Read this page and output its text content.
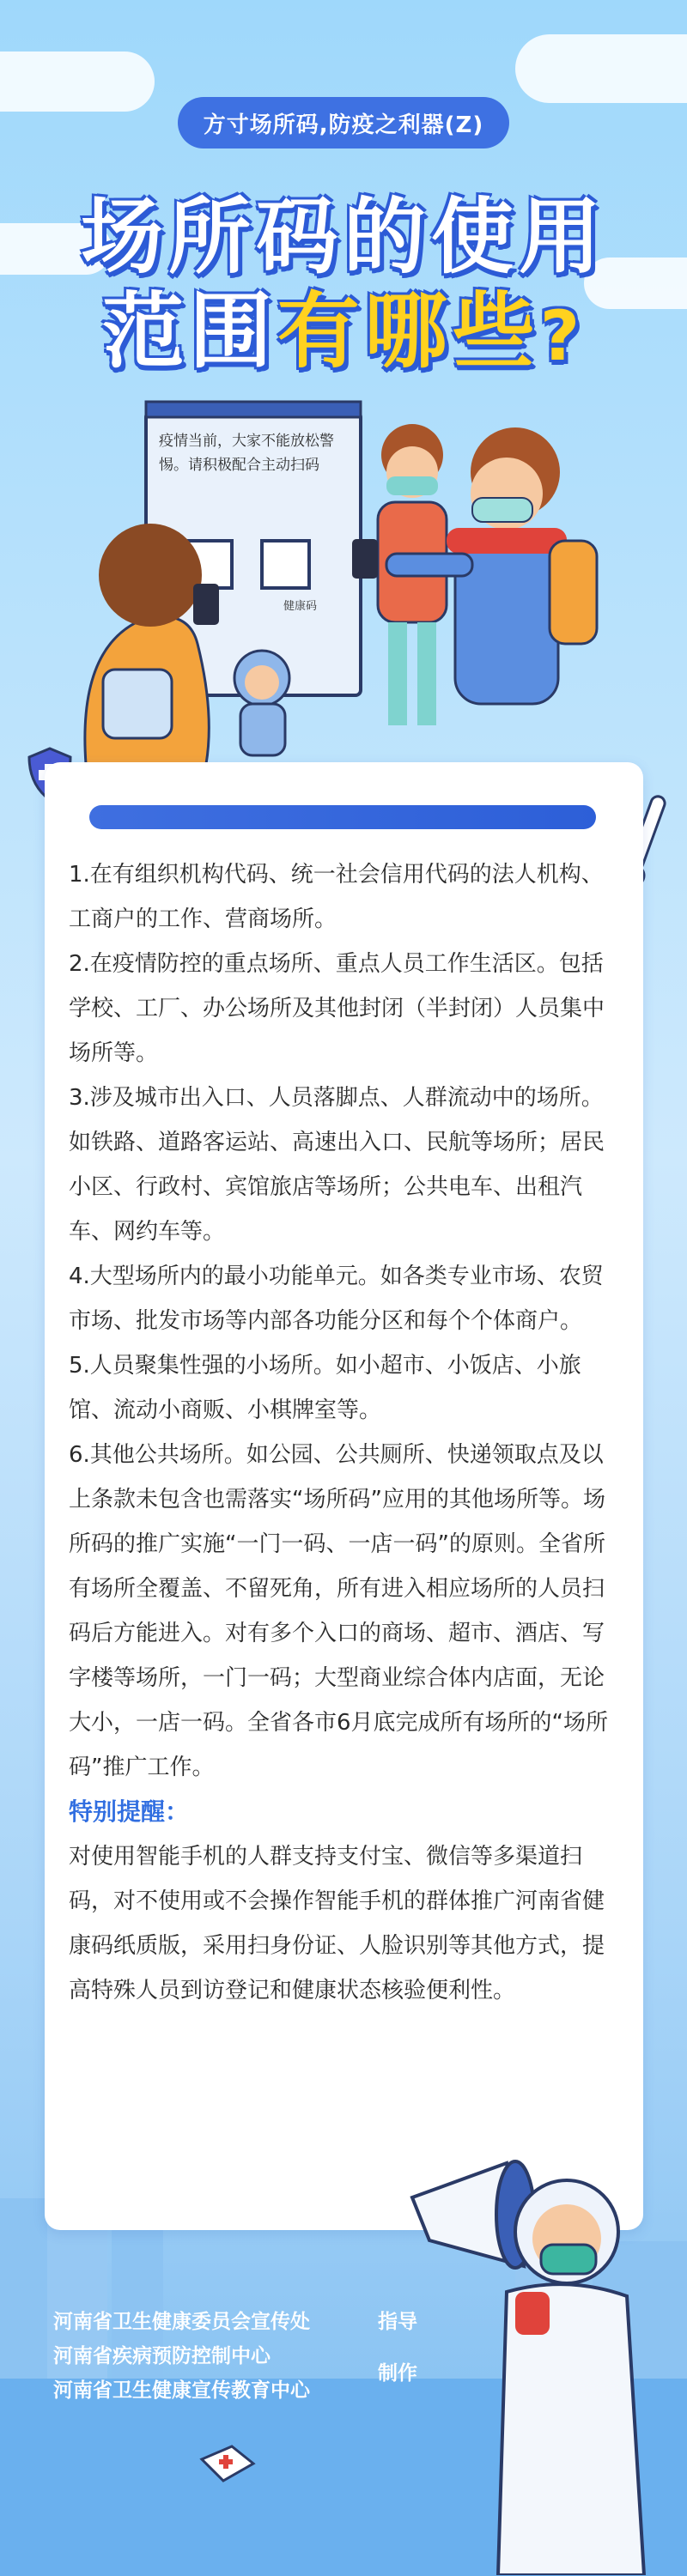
方寸场所码,防疫之利器(Z)
场所码的使用
范围有哪些?
疫情当前，大家不能放松警惕。请积极配合主动扫码
健康码

1.在有组织机构代码、统一社会信用代码的法人机构、工商户的工作、营商场所。

2.在疫情防控的重点场所、重点人员工作生活区。包括学校、工厂、办公场所及其他封闭（半封闭）人员集中场所等。

3.涉及城市出入口、人员落脚点、人群流动中的场所。如铁路、道路客运站、高速出入口、民航等场所；居民小区、行政村、宾馆旅店等场所；公共电车、出租汽车、网约车等。

4.大型场所内的最小功能单元。如各类专业市场、农贸市场、批发市场等内部各功能分区和每个个体商户。

5.人员聚集性强的小场所。如小超市、小饭店、小旅馆、流动小商贩、小棋牌室等。

6.其他公共场所。如公园、公共厕所、快递领取点及以上条款未包含也需落实“场所码”应用的其他场所等。场所码的推广实施“一门一码、一店一码”的原则。全省所有场所全覆盖、不留死角，所有进入相应场所的人员扫码后方能进入。对有多个入口的商场、超市、酒店、写字楼等场所，一门一码；大型商业综合体内店面，无论大小，一店一码。全省各市6月底完成所有场所的“场所码”推广工作。

特别提醒：

对使用智能手机的人群支持支付宝、微信等多渠道扫码，对不使用或不会操作智能手机的群体推广河南省健康码纸质版，采用扫身份证、人脸识别等其他方式，提高特殊人员到访登记和健康状态核验便利性。

河南省卫生健康委员会宣传处
河南省疾病预防控制中心
河南省卫生健康宣传教育中心
指导
制作
